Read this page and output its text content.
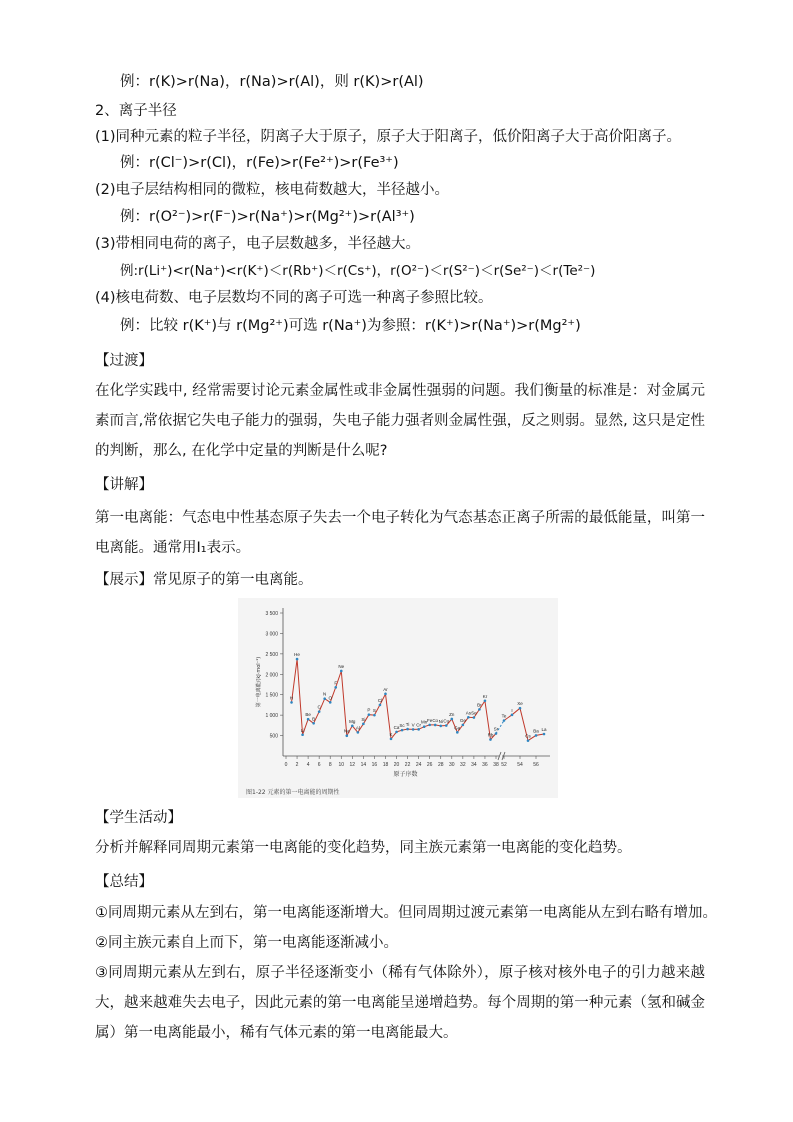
例：r(K)>r(Na)，r(Na)>r(Al)，则 r(K)>r(Al)
2、离子半径
(1)同种元素的粒子半径，阴离子大于原子，原子大于阳离子，低价阳离子大于高价阳离子。
例：r(Cl⁻)>r(Cl)，r(Fe)>r(Fe²⁺)>r(Fe³⁺)
(2)电子层结构相同的微粒，核电荷数越大，半径越小。
例：r(O²⁻)>r(F⁻)>r(Na⁺)>r(Mg²⁺)>r(Al³⁺)
(3)带相同电荷的离子，电子层数越多，半径越大。
例:r(Li⁺)<r(Na⁺)<r(K⁺)＜r(Rb⁺)＜r(Cs⁺)，r(O²⁻)＜r(S²⁻)＜r(Se²⁻)＜r(Te²⁻)
(4)核电荷数、电子层数均不同的离子可选一种离子参照比较。
例：比较 r(K⁺)与 r(Mg²⁺)可选 r(Na⁺)为参照：r(K⁺)>r(Na⁺)>r(Mg²⁺)
【过渡】
在化学实践中, 经常需要讨论元素金属性或非金属性强弱的问题。我们衡量的标准是：对金属元素而言,常依据它失电子能力的强弱，失电子能力强者则金属性强，反之则弱。显然, 这只是定性的判断，那么, 在化学中定量的判断是什么呢?
【讲解】
第一电离能：气态电中性基态原子失去一个电子转化为气态基态正离子所需的最低能量，叫第一电离能。通常用I₁表示。
【展示】常见原子的第一电离能。
3 500
3 000
2 500
2 000
1 500
1 000
500
0 2 4 6 8 10 12 14 16 18 20 22 24 26 28 30 32 34 36 38 52 54 56
第一电离能/(kJ·mol⁻¹)
原子序数
图1-22 元素的第一电离能的周期性
H
He
Li
Be
B
C
N
O
F
Ne
Na
Mg
Al
Si
P S
Cl
Ar
K
Ca Sc Ti V Cr
Mn Fe Co Ni Cu
Zn
Ga
Ge
As Se
Br
Kr
Rb
Sr
Te
I
Xe
Cs
Ba La
【学生活动】
分析并解释同周期元素第一电离能的变化趋势，同主族元素第一电离能的变化趋势。
【总结】
①同周期元素从左到右，第一电离能逐渐增大。但同周期过渡元素第一电离能从左到右略有增加。
②同主族元素自上而下，第一电离能逐渐减小。
③同周期元素从左到右，原子半径逐渐变小（稀有气体除外），原子核对核外电子的引力越来越大，越来越难失去电子，因此元素的第一电离能呈递增趋势。每个周期的第一种元素（氢和碱金属）第一电离能最小，稀有气体元素的第一电离能最大。
